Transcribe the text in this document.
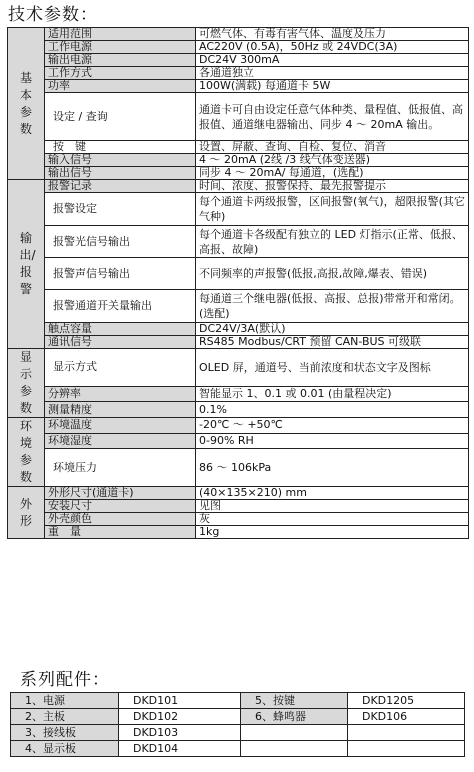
技术参数：
基本参数	适用范围	可燃气体、有毒有害气体、温度及压力
	工作电源	AC220V (0.5A)，50Hz 或 24VDC(3A)
	输出电源	DC24V 300mA
	工作方式	各通道独立
	功率	100W(满载) 每通道卡 5W
	设定 / 查询	通道卡可自由设定任意气体种类、量程值、低报值、高报值、通道继电器输出、同步 4 ～ 20mA 输出。
	按　键	设置、屏蔽、查询、自检、复位、消音
	输入信号	4 ～ 20mA (2线 /3 线气体变送器)
	输出信号	同步 4 ～ 20mA/ 每通道，(选配)
输出/报警	报警记录	时间、浓度、报警保持、最先报警提示
	报警设定	每个通道卡两级报警，区间报警(氧气)，超限报警(其它气种)
	报警光信号输出	每个通道卡各级配有独立的 LED 灯指示(正常、低报、高报、故障)
	报警声信号输出	不同频率的声报警(低报,高报,故障,爆表、错误)
	报警通道开关量输出	每通道三个继电器(低报、高报、总报)带常开和常闭。(选配)
	触点容量	DC24V/3A(默认)
	通讯信号	RS485 Modbus/CRT 预留 CAN-BUS 可级联
显示参数	显示方式	OLED 屏，通道号、当前浓度和状态文字及图标
	分辨率	智能显示 1、0.1 或 0.01 (由量程决定)
	测量精度	0.1%
环境参数	环境温度	-20℃ ～ +50℃
	环境湿度	0-90% RH
	环境压力	86 ～ 106kPa
外形	外形尺寸(通道卡)	(40×135×210) mm
	安装尺寸	见图
	外壳颜色	灰
	重　量	1kg
系列配件：
1、电源	DKD101	5、按键	DKD1205
2、主板	DKD102	6、蜂鸣器	DKD106
3、接线板	DKD103		
4、显示板	DKD104		
